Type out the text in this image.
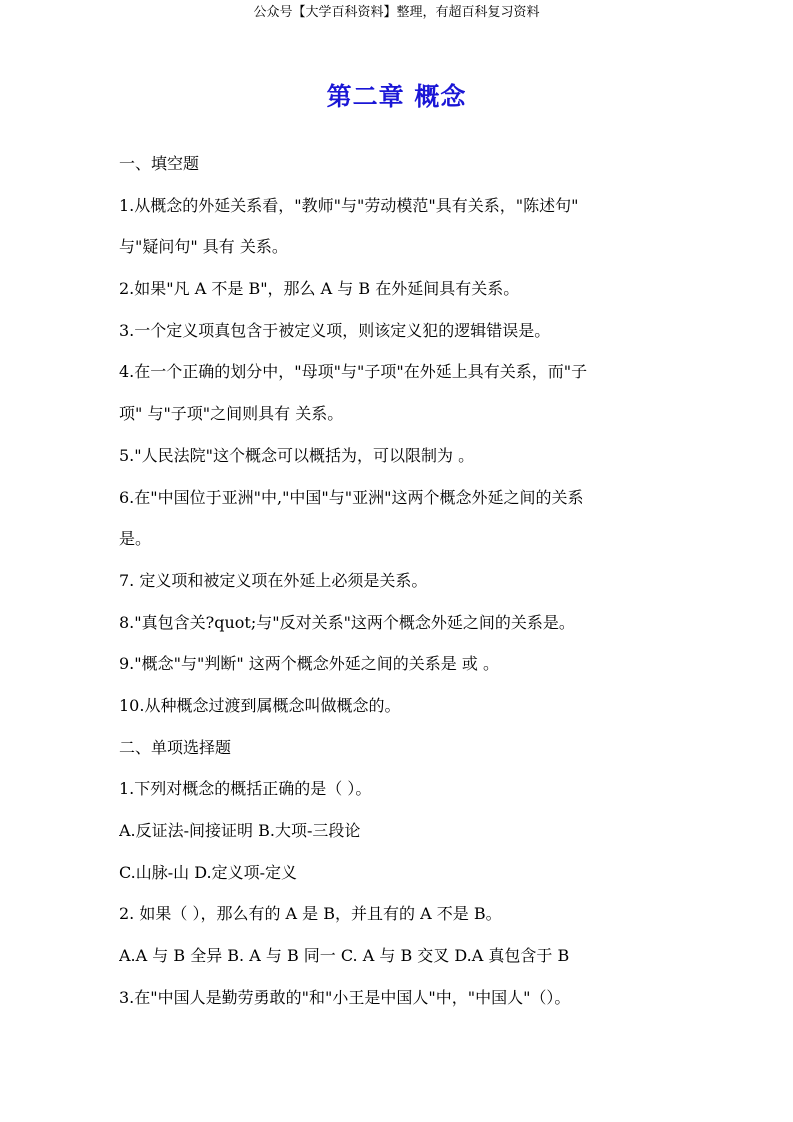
公众号【大学百科资料】整理，有超百科复习资料
第二章 概念
一、填空题
1.从概念的外延关系看，"教师"与"劳动模范"具有关系，"陈述句"
与"疑问句" 具有 关系。
2.如果"凡 A 不是 B"，那么 A 与 B 在外延间具有关系。
3.一个定义项真包含于被定义项，则该定义犯的逻辑错误是。
4.在一个正确的划分中，"母项"与"子项"在外延上具有关系，而"子
项" 与"子项"之间则具有 关系。
5."人民法院"这个概念可以概括为，可以限制为 。
6.在"中国位于亚洲"中,"中国"与"亚洲"这两个概念外延之间的关系
是。
7. 定义项和被定义项在外延上必须是关系。
8."真包含关?quot;与"反对关系"这两个概念外延之间的关系是。
9."概念"与"判断" 这两个概念外延之间的关系是 或 。
10.从种概念过渡到属概念叫做概念的。
二、单项选择题
1.下列对概念的概括正确的是（ ）。
A.反证法-间接证明 B.大项-三段论
C.山脉-山 D.定义项-定义
2. 如果（ ），那么有的 A 是 B，并且有的 A 不是 B。
A.A 与 B 全异 B. A 与 B 同一 C. A 与 B 交叉 D.A 真包含于 B
3.在"中国人是勤劳勇敢的"和"小王是中国人"中，"中国人"（）。
